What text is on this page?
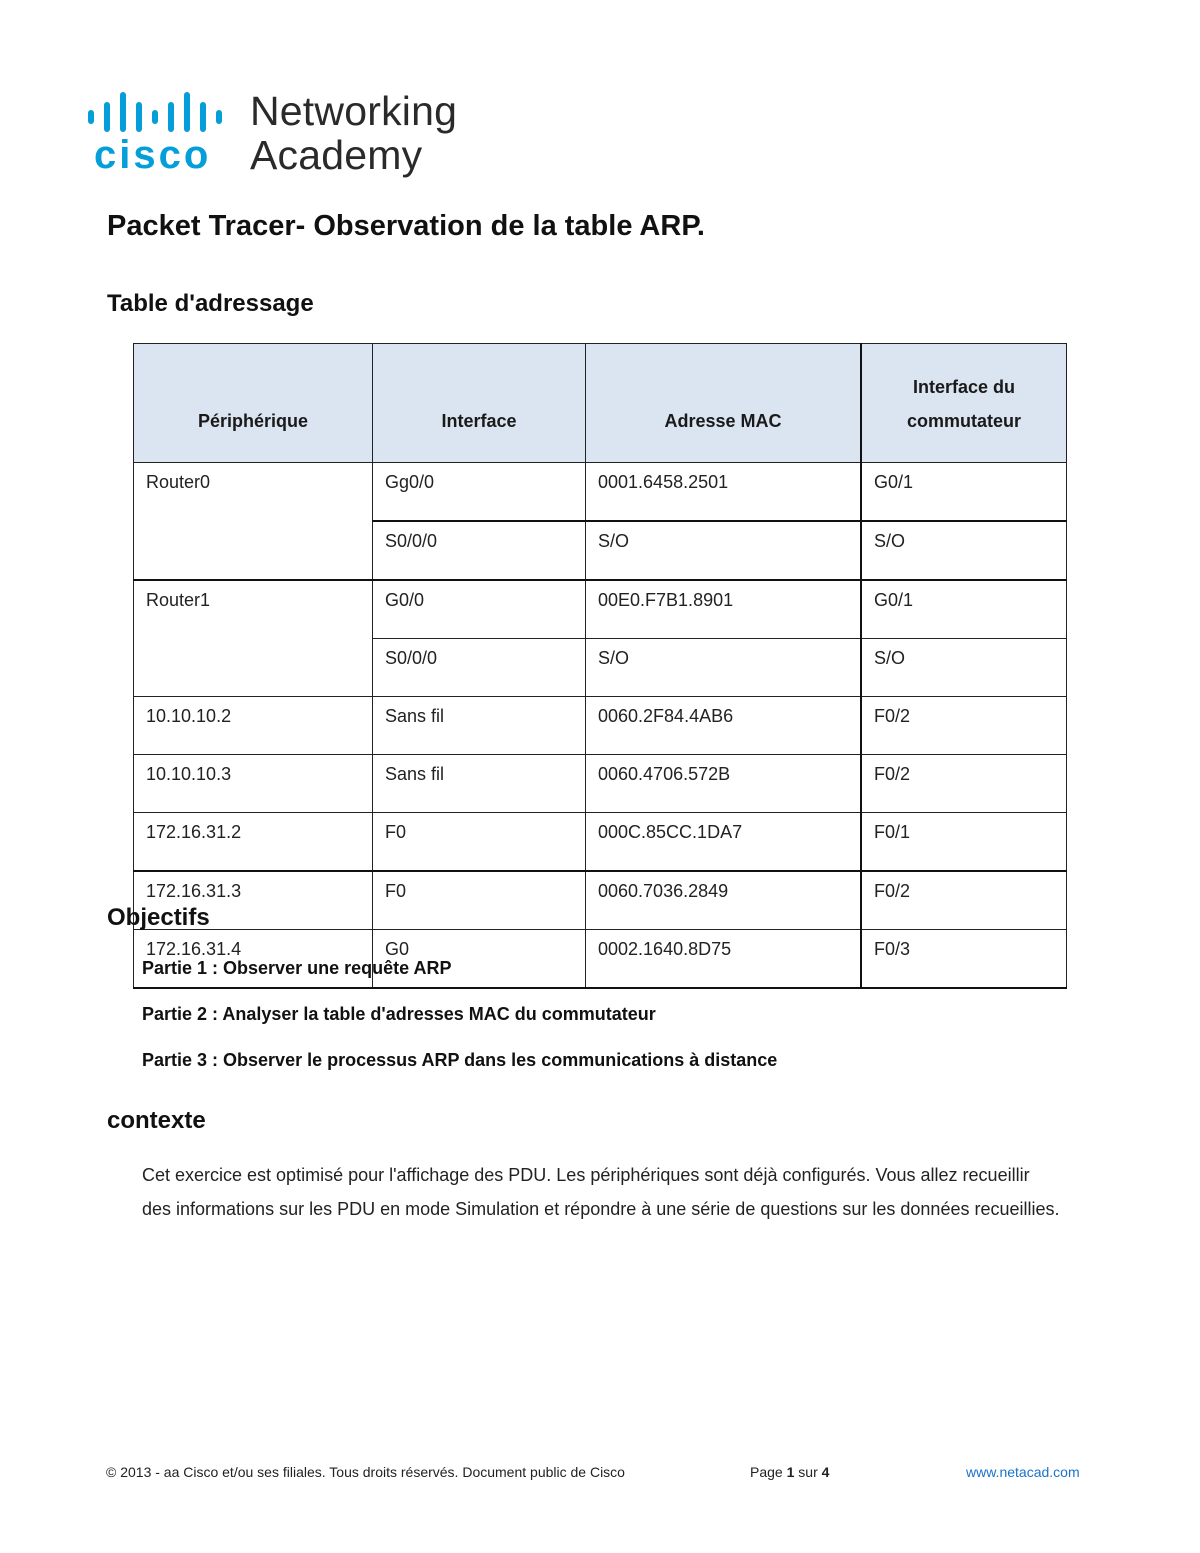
cisco
Networking
Academy
Packet Tracer- Observation de la table ARP.
Table d'adressage
Périphérique	Interface	Adresse MAC	Interface du commutateur
Router0	Gg0/0	0001.6458.2501	G0/1
	S0/0/0	S/O	S/O
Router1	G0/0	00E0.F7B1.8901	G0/1
	S0/0/0	S/O	S/O
10.10.10.2	Sans fil	0060.2F84.4AB6	F0/2
10.10.10.3	Sans fil	0060.4706.572B	F0/2
172.16.31.2	F0	000C.85CC.1DA7	F0/1
172.16.31.3	F0	0060.7036.2849	F0/2
172.16.31.4	G0	0002.1640.8D75	F0/3
Objectifs
Partie 1 : Observer une requête ARP
Partie 2 : Analyser la table d'adresses MAC du commutateur
Partie 3 : Observer le processus ARP dans les communications à distance
contexte

Cet exercice est optimisé pour l'affichage des PDU. Les périphériques sont déjà configurés. Vous allez recueillir des informations sur les PDU en mode Simulation et répondre à une série de questions sur les données recueillies.

© 2013 - aa Cisco et/ou ses filiales. Tous droits réservés. Document public de Cisco	Page 1 sur 4	www.netacad.com
